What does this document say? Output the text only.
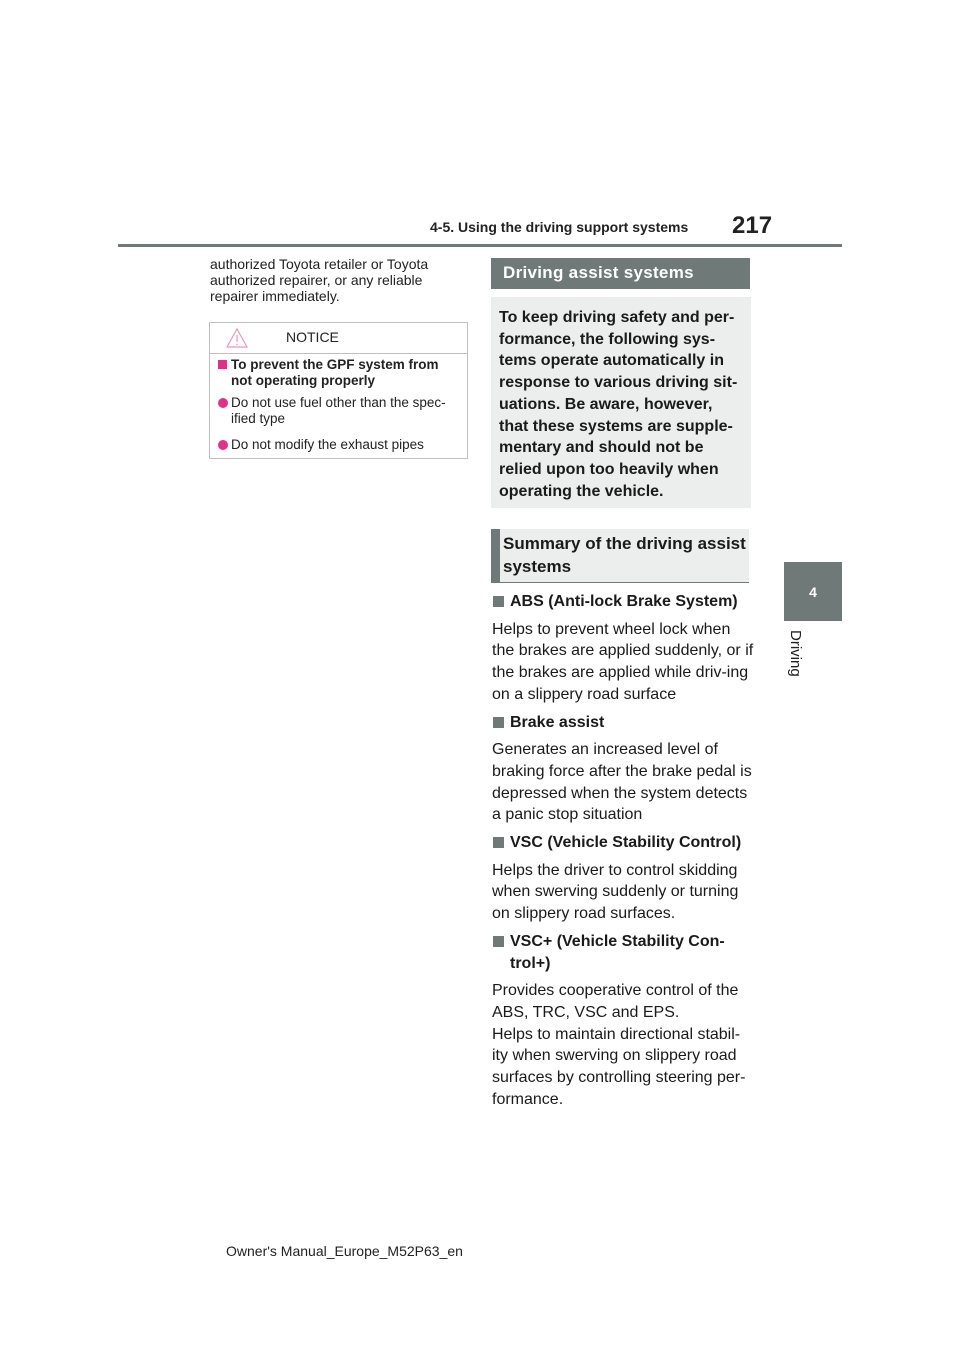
4-5. Using the driving support systems 217
4
Driving
authorized Toyota retailer or Toyota authorized repairer, or any reliable repairer immediately.
NOTICE
To prevent the GPF system from not operating properly
Do not use fuel other than the spec-ified type
Do not modify the exhaust pipes
Driving assist systems
To keep driving safety and per-formance, the following sys-tems operate automatically in response to various driving sit-uations. Be aware, however, that these systems are supple-mentary and should not be relied upon too heavily when operating the vehicle.
Summary of the driving assist systems
ABS (Anti-lock Brake System)
Helps to prevent wheel lock when the brakes are applied suddenly, or if the brakes are applied while driv-ing on a slippery road surface
Brake assist
Generates an increased level of braking force after the brake pedal is depressed when the system detects a panic stop situation
VSC (Vehicle Stability Control)
Helps the driver to control skidding when swerving suddenly or turning on slippery road surfaces.
VSC+ (Vehicle Stability Con-trol+)
Provides cooperative control of the ABS, TRC, VSC and EPS.
Helps to maintain directional stabil-ity when swerving on slippery road surfaces by controlling steering per-formance.
Owner's Manual_Europe_M52P63_en
